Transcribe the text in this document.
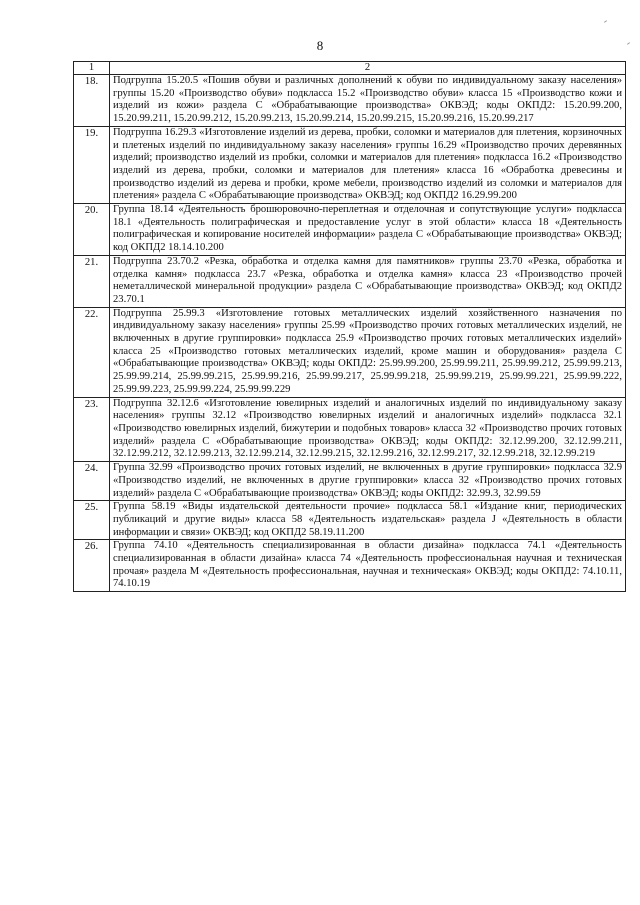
8
1	2
18.	Подгруппа 15.20.5 «Пошив обуви и различных дополнений к обуви по индивидуальному заказу населения» группы 15.20 «Производство обуви» подкласса 15.2 «Производство обуви» класса 15 «Производство кожи и изделий из кожи» раздела С «Обрабатывающие производства» ОКВЭД; коды ОКПД2: 15.20.99.200, 15.20.99.211, 15.20.99.212, 15.20.99.213, 15.20.99.214, 15.20.99.215, 15.20.99.216, 15.20.99.217
19.	Подгруппа 16.29.3 «Изготовление изделий из дерева, пробки, соломки и материалов для плетения, корзиночных и плетеных изделий по индивидуальному заказу населения» группы 16.29 «Производство прочих деревянных изделий; производство изделий из пробки, соломки и материалов для плетения» подкласса 16.2 «Производство изделий из дерева, пробки, соломки и материалов для плетения» класса 16 «Обработка древесины и производство изделий из дерева и пробки, кроме мебели, производство изделий из соломки и материалов для плетения» раздела С «Обрабатывающие производства» ОКВЭД; код ОКПД2 16.29.99.200
20.	Группа 18.14 «Деятельность брошюровочно-переплетная и отделочная и сопутствующие услуги» подкласса 18.1 «Деятельность полиграфическая и предоставление услуг в этой области» класса 18 «Деятельность полиграфическая и копирование носителей информации» раздела С «Обрабатывающие производства» ОКВЭД; код ОКПД2 18.14.10.200
21.	Подгруппа 23.70.2 «Резка, обработка и отделка камня для памятников» группы 23.70 «Резка, обработка и отделка камня» подкласса 23.7 «Резка, обработка и отделка камня» класса 23 «Производство прочей неметаллической минеральной продукции» раздела С «Обрабатывающие производства» ОКВЭД; код ОКПД2 23.70.1
22.	Подгруппа 25.99.3 «Изготовление готовых металлических изделий хозяйственного назначения по индивидуальному заказу населения» группы 25.99 «Производство прочих готовых металлических изделий, не включенных в другие группировки» подкласса 25.9 «Производство прочих готовых металлических изделий» класса 25 «Производство готовых металлических изделий, кроме машин и оборудования» раздела С «Обрабатывающие производства» ОКВЭД; коды ОКПД2: 25.99.99.200, 25.99.99.211, 25.99.99.212, 25.99.99.213, 25.99.99.214, 25.99.99.215, 25.99.99.216, 25.99.99.217, 25.99.99.218, 25.99.99.219, 25.99.99.221, 25.99.99.222, 25.99.99.223, 25.99.99.224, 25.99.99.229
23.	Подгруппа 32.12.6 «Изготовление ювелирных изделий и аналогичных изделий по индивидуальному заказу населения» группы 32.12 «Производство ювелирных изделий и аналогичных изделий» подкласса 32.1 «Производство ювелирных изделий, бижутерии и подобных товаров» класса 32 «Производство прочих готовых изделий» раздела С «Обрабатывающие производства» ОКВЭД; коды ОКПД2: 32.12.99.200, 32.12.99.211, 32.12.99.212, 32.12.99.213, 32.12.99.214, 32.12.99.215, 32.12.99.216, 32.12.99.217, 32.12.99.218, 32.12.99.219
24.	Группа 32.99 «Производство прочих готовых изделий, не включенных в другие группировки» подкласса 32.9 «Производство изделий, не включенных в другие группировки» класса 32 «Производство прочих готовых изделий» раздела С «Обрабатывающие производства» ОКВЭД; коды ОКПД2: 32.99.3, 32.99.59
25.	Группа 58.19 «Виды издательской деятельности прочие» подкласса 58.1 «Издание книг, периодических публикаций и другие виды» класса 58 «Деятельность издательская» раздела J «Деятельность в области информации и связи» ОКВЭД; код ОКПД2 58.19.11.200
26.	Группа 74.10 «Деятельность специализированная в области дизайна» подкласса 74.1 «Деятельность специализированная в области дизайна» класса 74 «Деятельность профессиональная научная и техническая прочая» раздела М «Деятельность профессиональная, научная и техническая» ОКВЭД; коды ОКПД2: 74.10.11, 74.10.19
